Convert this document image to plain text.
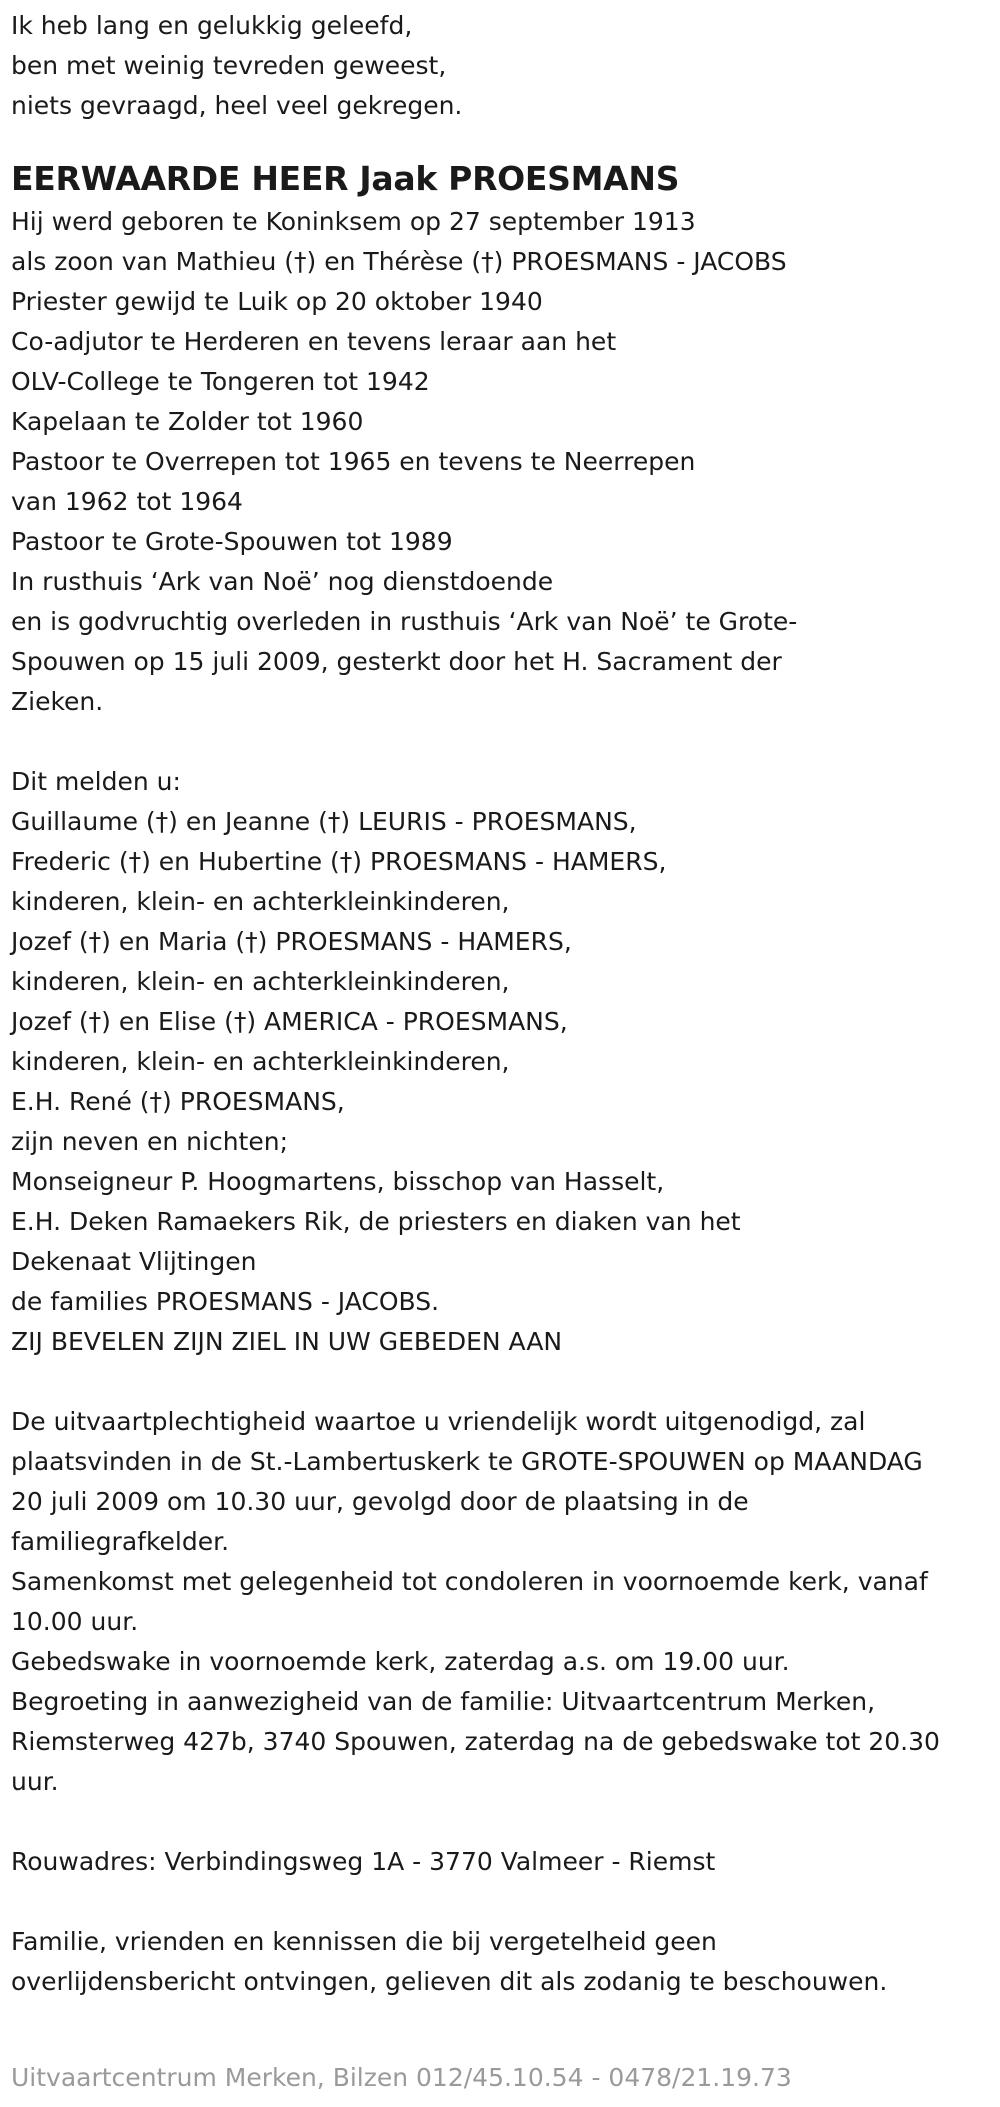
Ik heb lang en gelukkig geleefd,
ben met weinig tevreden geweest,
niets gevraagd, heel veel gekregen.
EERWAARDE HEER Jaak PROESMANS
Hij werd geboren te Koninksem op 27 september 1913
als zoon van Mathieu (†) en Thérèse (†) PROESMANS - JACOBS
Priester gewijd te Luik op 20 oktober 1940
Co-adjutor te Herderen en tevens leraar aan het
OLV-College te Tongeren tot 1942
Kapelaan te Zolder tot 1960
Pastoor te Overrepen tot 1965 en tevens te Neerrepen
van 1962 tot 1964
Pastoor te Grote-Spouwen tot 1989
In rusthuis ‘Ark van Noë’ nog dienstdoende
en is godvruchtig overleden in rusthuis ‘Ark van Noë’ te Grote-
Spouwen op 15 juli 2009, gesterkt door het H. Sacrament der
Zieken.
Dit melden u:
Guillaume (†) en Jeanne (†) LEURIS - PROESMANS,
Frederic (†) en Hubertine (†) PROESMANS - HAMERS,
kinderen, klein- en achterkleinkinderen,
Jozef (†) en Maria (†) PROESMANS - HAMERS,
kinderen, klein- en achterkleinkinderen,
Jozef (†) en Elise (†) AMERICA - PROESMANS,
kinderen, klein- en achterkleinkinderen,
E.H. René (†) PROESMANS,
zijn neven en nichten;
Monseigneur P. Hoogmartens, bisschop van Hasselt,
E.H. Deken Ramaekers Rik, de priesters en diaken van het
Dekenaat Vlijtingen
de families PROESMANS - JACOBS.
ZIJ BEVELEN ZIJN ZIEL IN UW GEBEDEN AAN
De uitvaartplechtigheid waartoe u vriendelijk wordt uitgenodigd, zal
plaatsvinden in de St.-Lambertuskerk te GROTE-SPOUWEN op MAANDAG
20 juli 2009 om 10.30 uur, gevolgd door de plaatsing in de
familiegrafkelder.
Samenkomst met gelegenheid tot condoleren in voornoemde kerk, vanaf
10.00 uur.
Gebedswake in voornoemde kerk, zaterdag a.s. om 19.00 uur.
Begroeting in aanwezigheid van de familie: Uitvaartcentrum Merken,
Riemsterweg 427b, 3740 Spouwen, zaterdag na de gebedswake tot 20.30
uur.
Rouwadres: Verbindingsweg 1A - 3770 Valmeer - Riemst
Familie, vrienden en kennissen die bij vergetelheid geen
overlijdensbericht ontvingen, gelieven dit als zodanig te beschouwen.
Uitvaartcentrum Merken, Bilzen 012/45.10.54 - 0478/21.19.73
